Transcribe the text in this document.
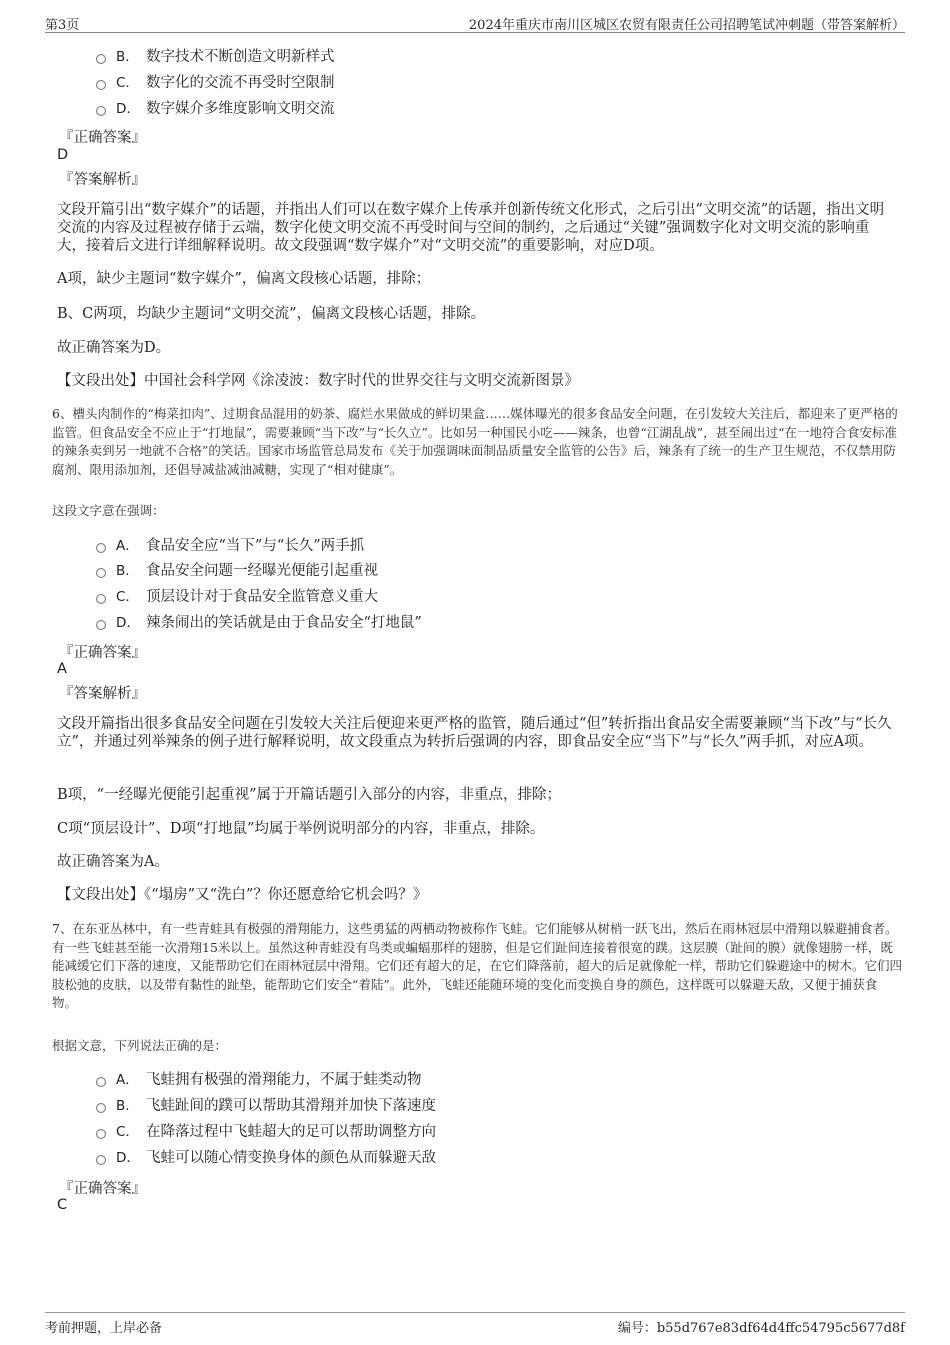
第3页	2024年重庆市南川区城区农贸有限责任公司招聘笔试冲刺题（带答案解析）
B. 数字技术不断创造文明新样式
C. 数字化的交流不再受时空限制
D. 数字媒介多维度影响文明交流
『正确答案』
D
『答案解析』
文段开篇引出“数字媒介”的话题，并指出人们可以在数字媒介上传承并创新传统文化形式，之后引出“文明交流”的话题，指出文明交流的内容及过程被存储于云端，数字化使文明交流不再受时间与空间的制约，之后通过“关键”强调数字化对文明交流的影响重大，接着后文进行详细解释说明。故文段强调“数字媒介”对“文明交流”的重要影响，对应D项。
A项，缺少主题词“数字媒介”，偏离文段核心话题，排除；
B、C两项，均缺少主题词“文明交流”，偏离文段核心话题，排除。
故正确答案为D。
【文段出处】中国社会科学网《涂凌波：数字时代的世界交往与文明交流新图景》
6、槽头肉制作的“梅菜扣肉”、过期食品混用的奶茶、腐烂水果做成的鲜切果盒……媒体曝光的很多食品安全问题，在引发较大关注后，都迎来了更严格的监管。但食品安全不应止于“打地鼠”，需要兼顾“当下改”与“长久立”。比如另一种国民小吃——辣条，也曾“江湖乱战”，甚至闹出过“在一地符合食安标准的辣条卖到另一地就不合格”的笑话。国家市场监管总局发布《关于加强调味面制品质量安全监管的公告》后，辣条有了统一的生产卫生规范，不仅禁用防腐剂、限用添加剂，还倡导减盐减油减糖，实现了“相对健康”。
这段文字意在强调：
A． 食品安全应“当下”与“长久”两手抓
B. 食品安全问题一经曝光便能引起重视
C. 顶层设计对于食品安全监管意义重大
D. 辣条闹出的笑话就是由于食品安全“打地鼠”
『正确答案』
A
『答案解析』
文段开篇指出很多食品安全问题在引发较大关注后便迎来更严格的监管，随后通过“但”转折指出食品安全需要兼顾“当下改”与“长久立”，并通过列举辣条的例子进行解释说明，故文段重点为转折后强调的内容，即食品安全应“当下”与“长久”两手抓，对应A项。
B项，“一经曝光便能引起重视”属于开篇话题引入部分的内容，非重点，排除；
C项“顶层设计”、D项“打地鼠”均属于举例说明部分的内容，非重点，排除。
故正确答案为A。
【文段出处】《“塌房”又“洗白”？你还愿意给它机会吗？》
7、在东亚丛林中，有一些青蛙具有极强的滑翔能力，这些勇猛的两栖动物被称作飞蛙。它们能够从树梢一跃飞出，然后在雨林冠层中滑翔以躲避捕食者。有一些飞蛙甚至能一次滑翔15米以上。虽然这种青蛙没有鸟类或蝙蝠那样的翅膀，但是它们趾间连接着很宽的蹼。这层膜（趾间的膜）就像翅膀一样，既能减缓它们下落的速度，又能帮助它们在雨林冠层中滑翔。它们还有超大的足，在它们降落前，超大的后足就像舵一样，帮助它们躲避途中的树木。它们四肢松弛的皮肤，以及带有黏性的趾垫，能帮助它们安全“着陆”。此外，飞蛙还能随环境的变化而变换自身的颜色，这样既可以躲避天敌，又便于捕获食物。
根据文意，下列说法正确的是：
A． 飞蛙拥有极强的滑翔能力，不属于蛙类动物
B. 飞蛙趾间的蹼可以帮助其滑翔并加快下落速度
C. 在降落过程中飞蛙超大的足可以帮助调整方向
D. 飞蛙可以随心情变换身体的颜色从而躲避天敌
『正确答案』
C
考前押题，上岸必备	编号：b55d767e83df64d4ffc54795c5677d8f
